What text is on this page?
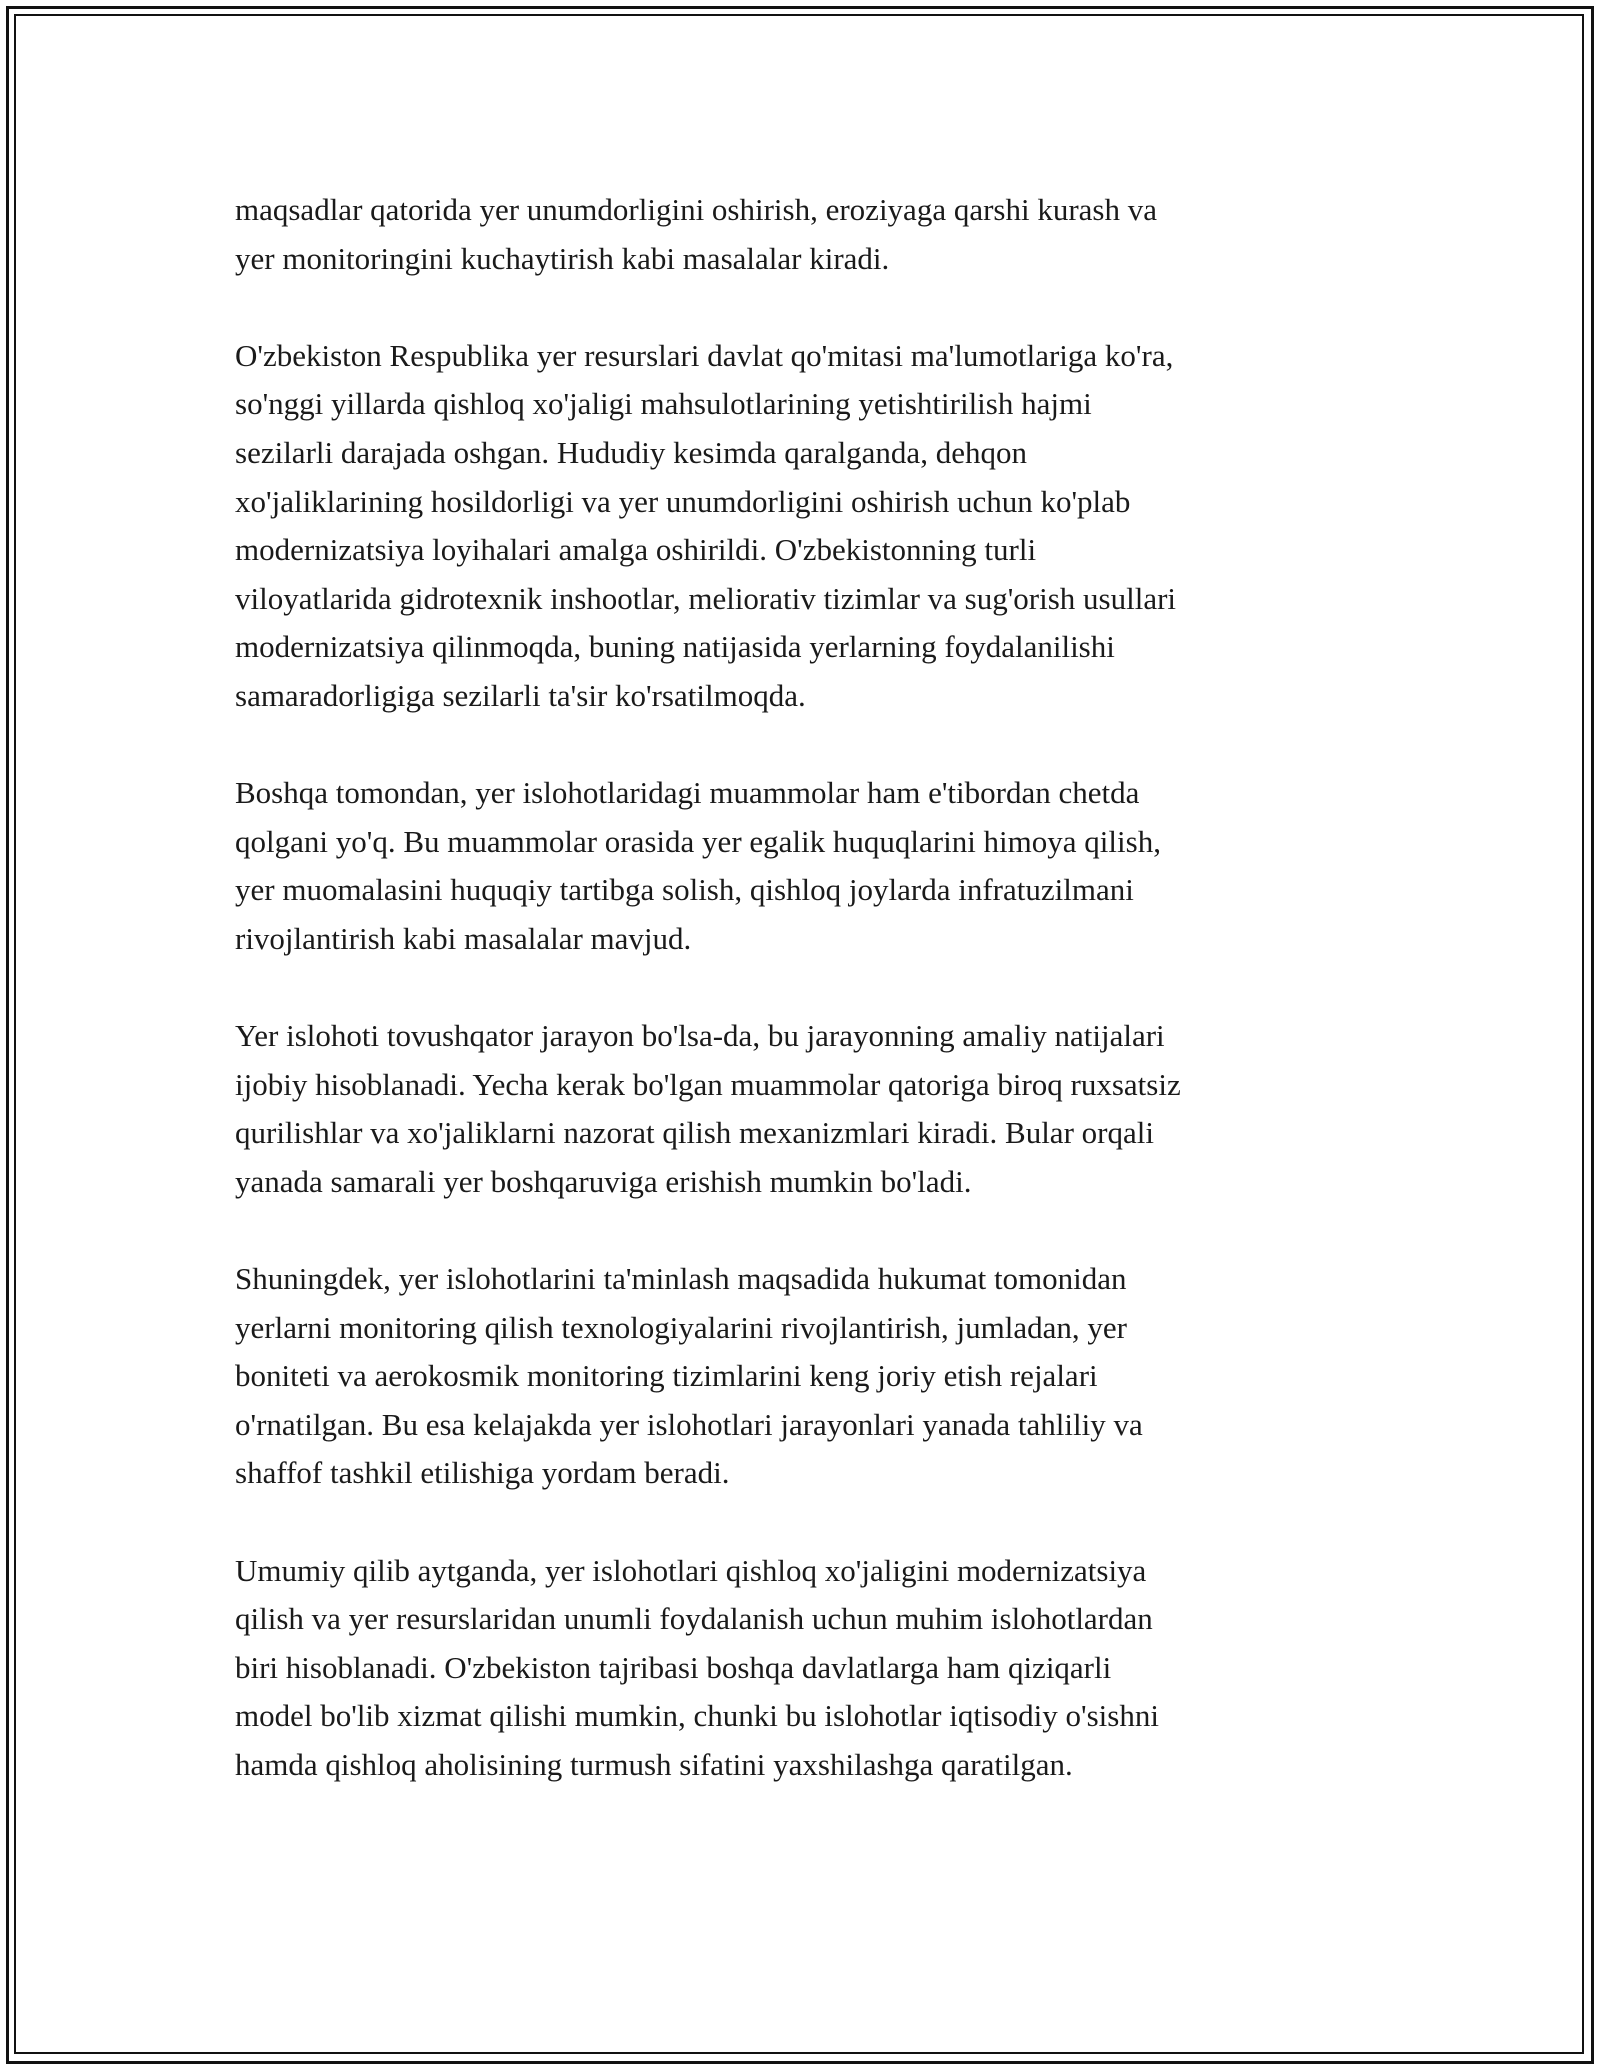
maqsadlar qatorida yer unumdorligini oshirish, eroziyaga qarshi kurash va
yer monitoringini kuchaytirish kabi masalalar kiradi.

O'zbekiston Respublika yer resurslari davlat qo'mitasi ma'lumotlariga ko'ra,
so'nggi yillarda qishloq xo'jaligi mahsulotlarining yetishtirilish hajmi
sezilarli darajada oshgan. Hududiy kesimda qaralganda, dehqon
xo'jaliklarining hosildorligi va yer unumdorligini oshirish uchun ko'plab
modernizatsiya loyihalari amalga oshirildi. O'zbekistonning turli
viloyatlarida gidrotexnik inshootlar, meliorativ tizimlar va sug'orish usullari
modernizatsiya qilinmoqda, buning natijasida yerlarning foydalanilishi
samaradorligiga sezilarli ta'sir ko'rsatilmoqda.

Boshqa tomondan, yer islohotlaridagi muammolar ham e'tibordan chetda
qolgani yo'q. Bu muammolar orasida yer egalik huquqlarini himoya qilish,
yer muomalasini huquqiy tartibga solish, qishloq joylarda infratuzilmani
rivojlantirish kabi masalalar mavjud.

Yer islohoti tovushqator jarayon bo'lsa-da, bu jarayonning amaliy natijalari
ijobiy hisoblanadi. Yecha kerak bo'lgan muammolar qatoriga biroq ruxsatsiz
qurilishlar va xo'jaliklarni nazorat qilish mexanizmlari kiradi. Bular orqali
yanada samarali yer boshqaruviga erishish mumkin bo'ladi.

Shuningdek, yer islohotlarini ta'minlash maqsadida hukumat tomonidan
yerlarni monitoring qilish texnologiyalarini rivojlantirish, jumladan, yer
boniteti va aerokosmik monitoring tizimlarini keng joriy etish rejalari
o'rnatilgan. Bu esa kelajakda yer islohotlari jarayonlari yanada tahliliy va
shaffof tashkil etilishiga yordam beradi.

Umumiy qilib aytganda, yer islohotlari qishloq xo'jaligini modernizatsiya
qilish va yer resurslaridan unumli foydalanish uchun muhim islohotlardan
biri hisoblanadi. O'zbekiston tajribasi boshqa davlatlarga ham qiziqarli
model bo'lib xizmat qilishi mumkin, chunki bu islohotlar iqtisodiy o'sishni
hamda qishloq aholisining turmush sifatini yaxshilashga qaratilgan.
